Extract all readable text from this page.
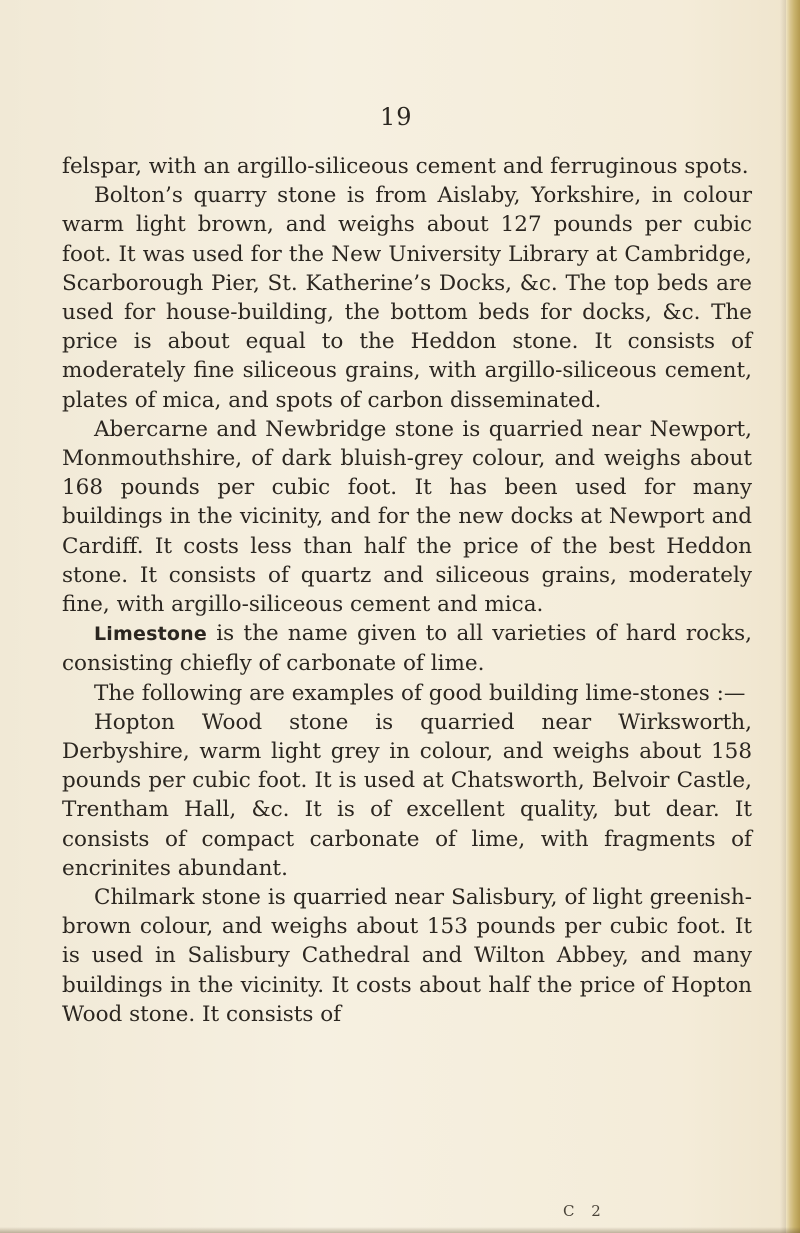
19

felspar, with an argillo-siliceous cement and ferruginous spots.

Bolton’s quarry stone is from Aislaby, Yorkshire, in colour warm light brown, and weighs about 127 pounds per cubic foot. It was used for the New University Library at Cambridge, Scarborough Pier, St. Katherine’s Docks, &c. The top beds are used for house-building, the bottom beds for docks, &c. The price is about equal to the Heddon stone. It consists of moderately fine siliceous grains, with argillo-siliceous cement, plates of mica, and spots of carbon disseminated.

Abercarne and Newbridge stone is quarried near Newport, Monmouthshire, of dark bluish-grey colour, and weighs about 168 pounds per cubic foot. It has been used for many buildings in the vicinity, and for the new docks at Newport and Cardiff. It costs less than half the price of the best Heddon stone. It consists of quartz and siliceous grains, moderately fine, with argillo-siliceous cement and mica.

Limestone is the name given to all varieties of hard rocks, consisting chiefly of carbonate of lime.

The following are examples of good building lime-stones :—

Hopton Wood stone is quarried near Wirksworth, Derbyshire, warm light grey in colour, and weighs about 158 pounds per cubic foot. It is used at Chatsworth, Belvoir Castle, Trentham Hall, &c. It is of excellent quality, but dear. It consists of compact carbonate of lime, with fragments of encrinites abundant.

Chilmark stone is quarried near Salisbury, of light greenish-brown colour, and weighs about 153 pounds per cubic foot. It is used in Salisbury Cathedral and Wilton Abbey, and many buildings in the vicinity. It costs about half the price of Hopton Wood stone. It consists of

C 2
